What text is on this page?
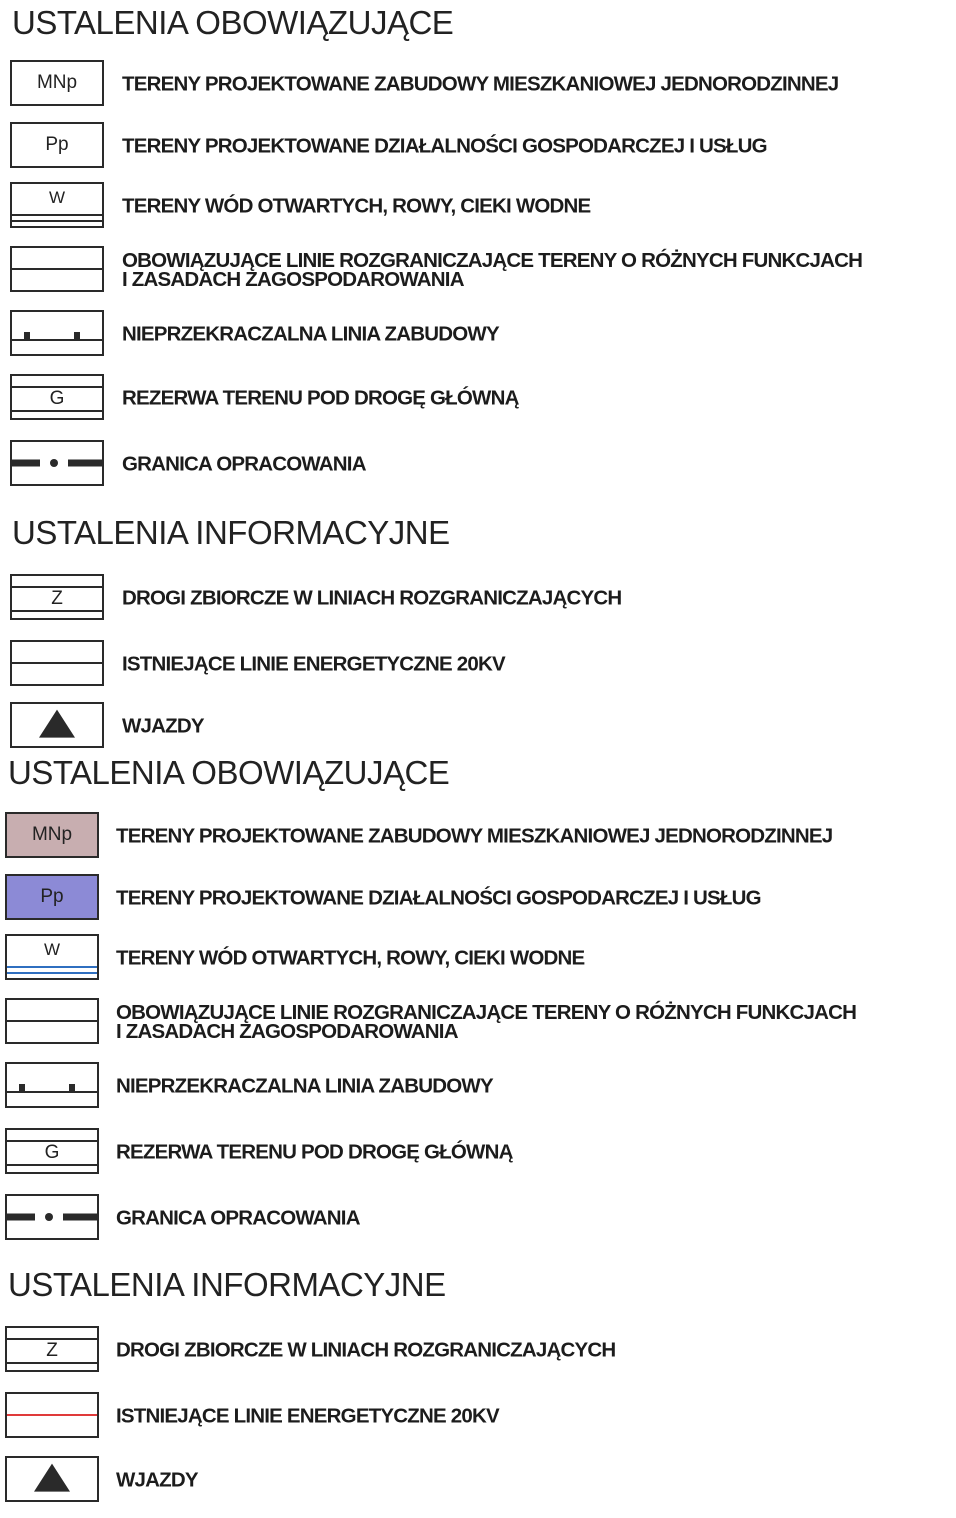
USTALENIA OBOWIĄZUJĄCE
MNp	TERENY PROJEKTOWANE ZABUDOWY MIESZKANIOWEJ JEDNORODZINNEJ
Pp	TERENY PROJEKTOWANE DZIAŁALNOŚCI GOSPODARCZEJ I USŁUG
W	TERENY WÓD OTWARTYCH, ROWY, CIEKI WODNE
OBOWIĄZUJĄCE LINIE ROZGRANICZAJĄCE TERENY O RÓŻNYCH FUNKCJACH
I ZASADACH ZAGOSPODAROWANIA
NIEPRZEKRACZALNA LINIA ZABUDOWY
G	REZERWA TERENU POD DROGĘ GŁÓWNĄ
GRANICA OPRACOWANIA
USTALENIA INFORMACYJNE
Z	DROGI ZBIORCZE W LINIACH ROZGRANICZAJĄCYCH
ISTNIEJĄCE LINIE ENERGETYCZNE 20KV
WJAZDY
USTALENIA OBOWIĄZUJĄCE
MNp	TERENY PROJEKTOWANE ZABUDOWY MIESZKANIOWEJ JEDNORODZINNEJ
Pp	TERENY PROJEKTOWANE DZIAŁALNOŚCI GOSPODARCZEJ I USŁUG
W	TERENY WÓD OTWARTYCH, ROWY, CIEKI WODNE
OBOWIĄZUJĄCE LINIE ROZGRANICZAJĄCE TERENY O RÓŻNYCH FUNKCJACH
I ZASADACH ZAGOSPODAROWANIA
NIEPRZEKRACZALNA LINIA ZABUDOWY
G	REZERWA TERENU POD DROGĘ GŁÓWNĄ
GRANICA OPRACOWANIA
USTALENIA INFORMACYJNE
Z	DROGI ZBIORCZE W LINIACH ROZGRANICZAJĄCYCH
ISTNIEJĄCE LINIE ENERGETYCZNE 20KV
WJAZDY
